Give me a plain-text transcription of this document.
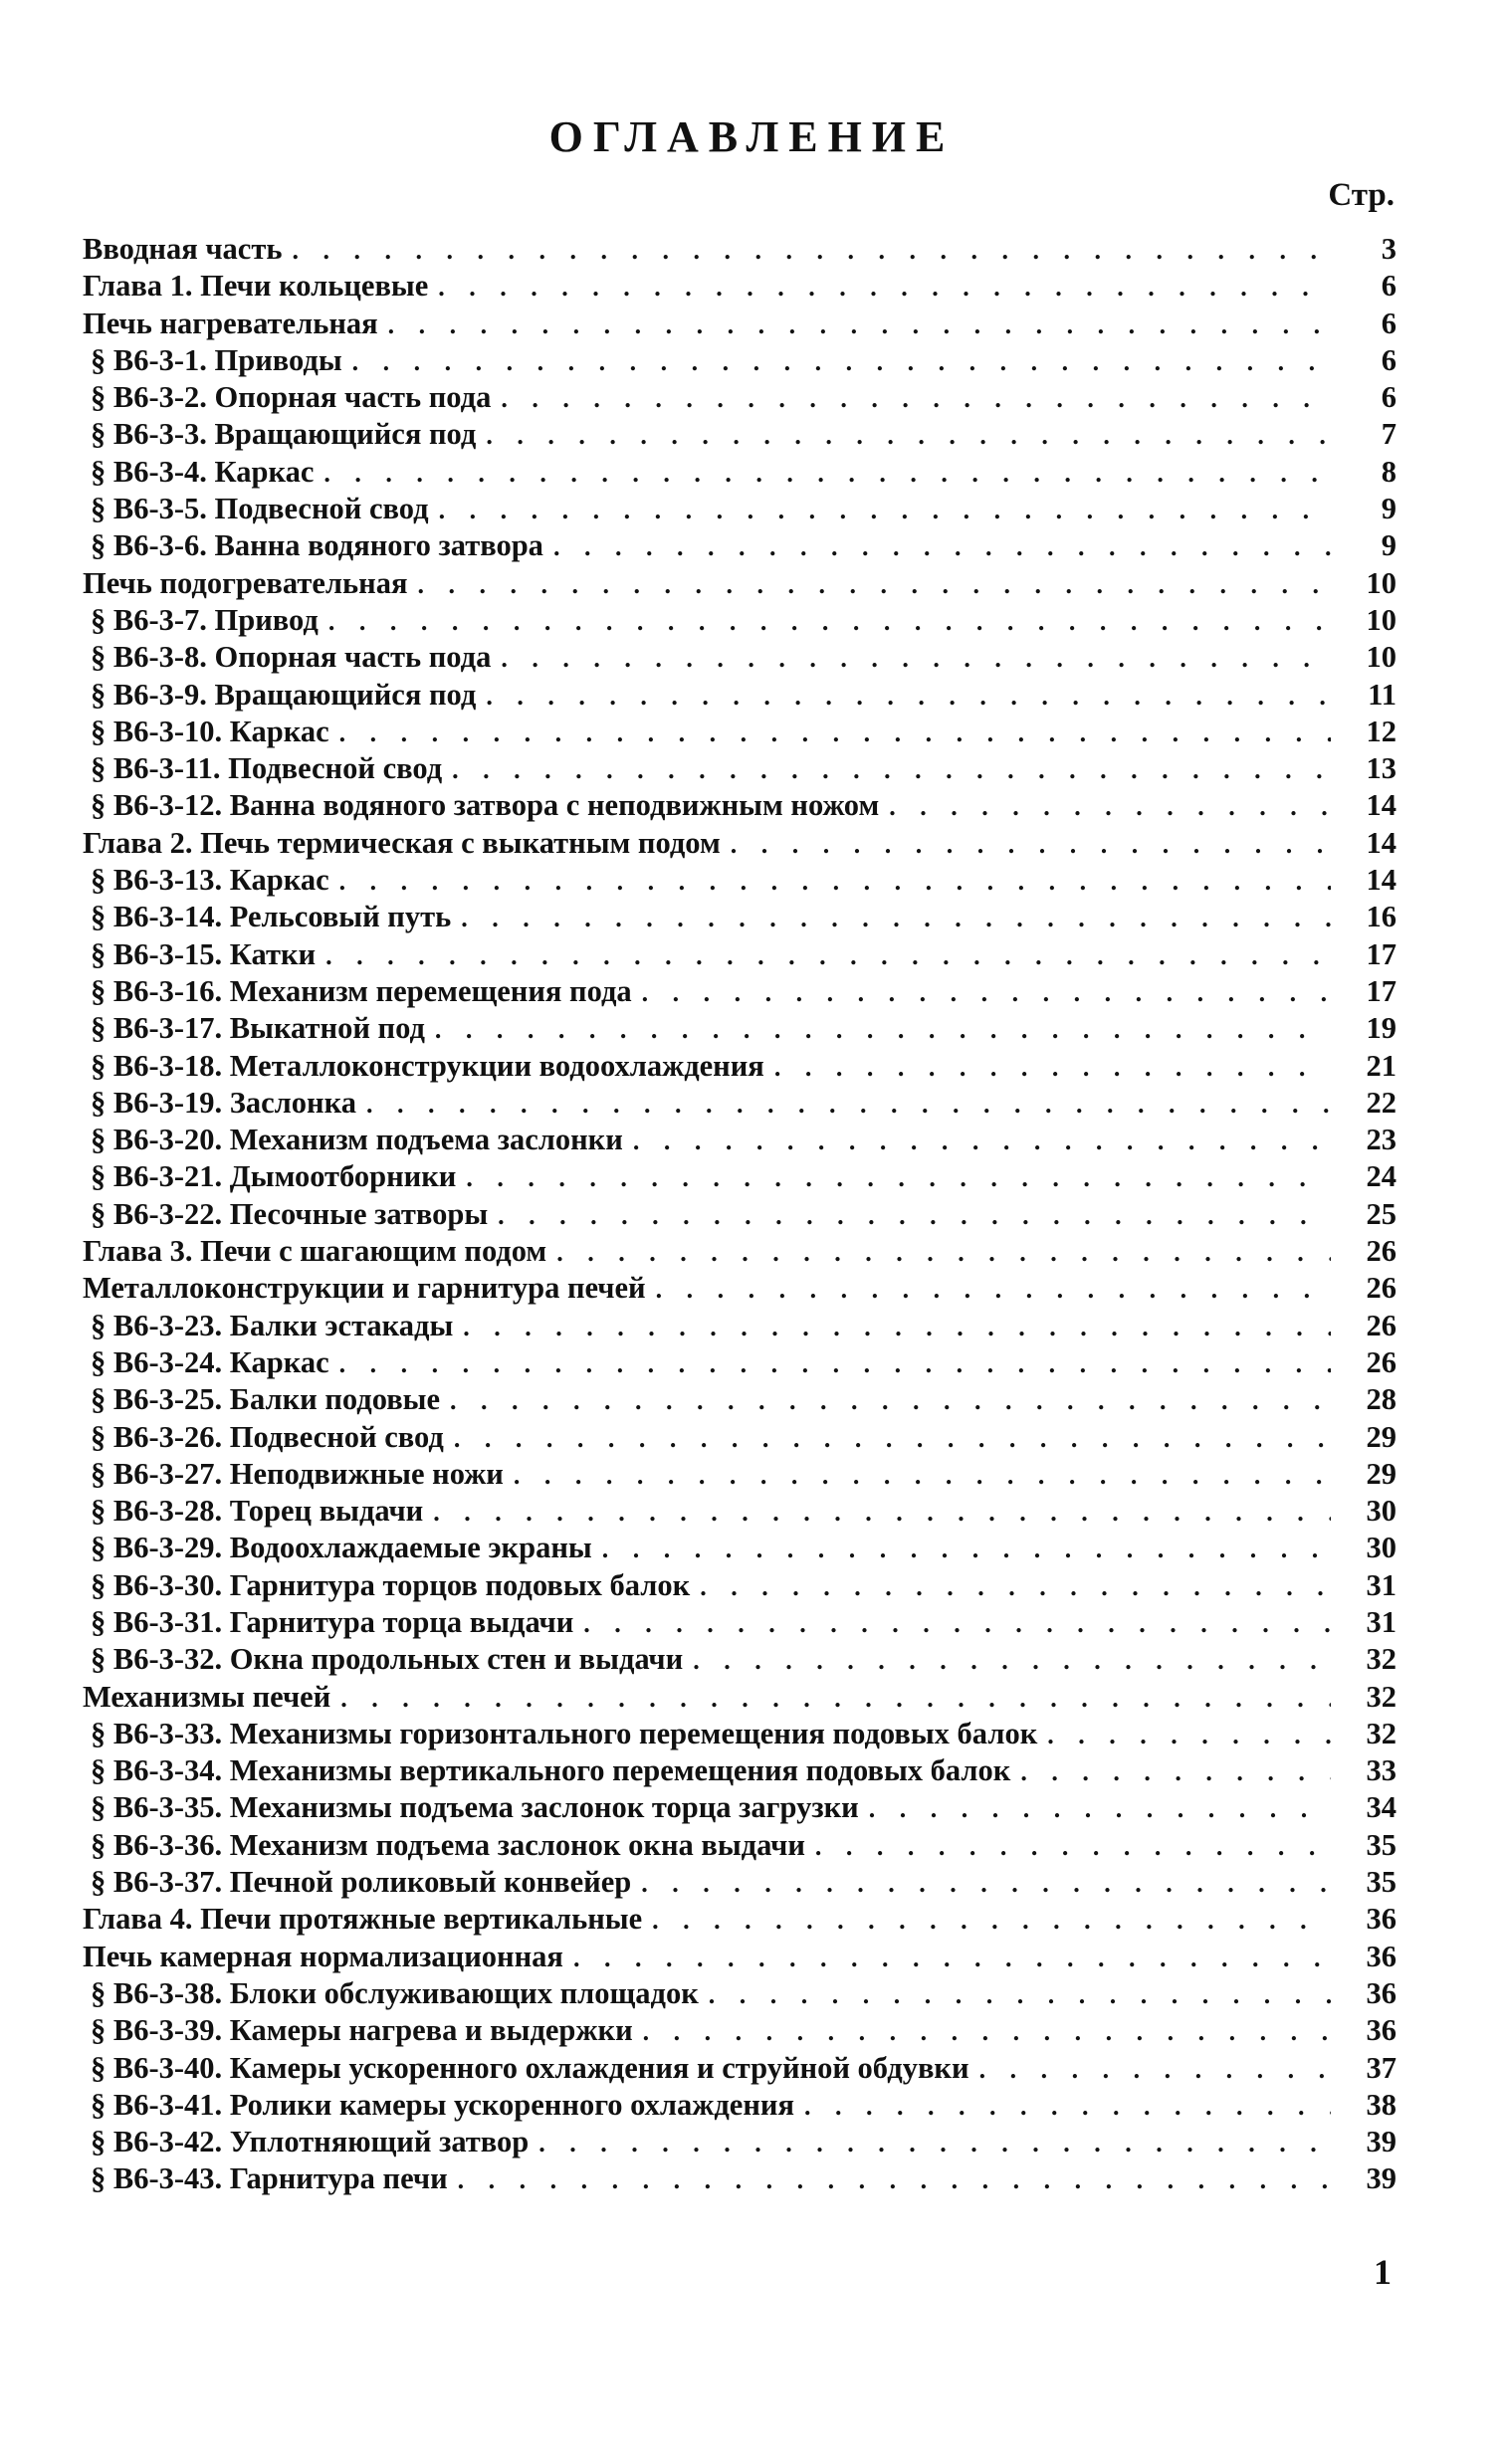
ОГЛАВЛЕНИЕ
Стр.
Вводная часть . . .	3
Глава 1. Печи кольцевые . . .	6
Печь нагревательная . . .	6
§ В6-3-1. Приводы . . .	6
§ В6-3-2. Опорная часть пода . . .	6
§ В6-3-3. Вращающийся под . . .	7
§ В6-3-4. Каркас . . .	8
§ В6-3-5. Подвесной свод . . .	9
§ В6-3-6. Ванна водяного затвора . . .	9
Печь подогревательная . . .	10
§ В6-3-7. Привод . . .	10
§ В6-3-8. Опорная часть пода . . .	10
§ В6-3-9. Вращающийся под . . .	11
§ В6-3-10. Каркас . . .	12
§ В6-3-11. Подвесной свод . . .	13
§ В6-3-12. Ванна водяного затвора с неподвижным ножом . . .	14
Глава 2. Печь термическая с выкатным подом . . .	14
§ В6-3-13. Каркас . . .	14
§ В6-3-14. Рельсовый путь . . .	16
§ В6-3-15. Катки . . .	17
§ В6-3-16. Механизм перемещения пода . . .	17
§ В6-3-17. Выкатной под . . .	19
§ В6-3-18. Металлоконструкции водоохлаждения . . .	21
§ В6-3-19. Заслонка . . .	22
§ В6-3-20. Механизм подъема заслонки . . .	23
§ В6-3-21. Дымоотборники . . .	24
§ В6-3-22. Песочные затворы . . .	25
Глава 3. Печи с шагающим подом . . .	26
Металлоконструкции и гарнитура печей . . .	26
§ В6-3-23. Балки эстакады . . .	26
§ В6-3-24. Каркас . . .	26
§ В6-3-25. Балки подовые . . .	28
§ В6-3-26. Подвесной свод . . .	29
§ В6-3-27. Неподвижные ножи . . .	29
§ В6-3-28. Торец выдачи . . .	30
§ В6-3-29. Водоохлаждаемые экраны . . .	30
§ В6-3-30. Гарнитура торцов подовых балок . . .	31
§ В6-3-31. Гарнитура торца выдачи . . .	31
§ В6-3-32. Окна продольных стен и выдачи . . .	32
Механизмы печей . . .	32
§ В6-3-33. Механизмы горизонтального перемещения подовых балок . . .	32
§ В6-3-34. Механизмы вертикального перемещения подовых балок . . .	33
§ В6-3-35. Механизмы подъема заслонок торца загрузки . . .	34
§ В6-3-36. Механизм подъема заслонок окна выдачи . . .	35
§ В6-3-37. Печной роликовый конвейер . . .	35
Глава 4. Печи протяжные вертикальные . . .	36
Печь камерная нормализационная . . .	36
§ В6-3-38. Блоки обслуживающих площадок . . .	36
§ В6-3-39. Камеры нагрева и выдержки . . .	36
§ В6-3-40. Камеры ускоренного охлаждения и струйной обдувки . . .	37
§ В6-3-41. Ролики камеры ускоренного охлаждения . . .	38
§ В6-3-42. Уплотняющий затвор . . .	39
§ В6-3-43. Гарнитура печи . . .	39
1
